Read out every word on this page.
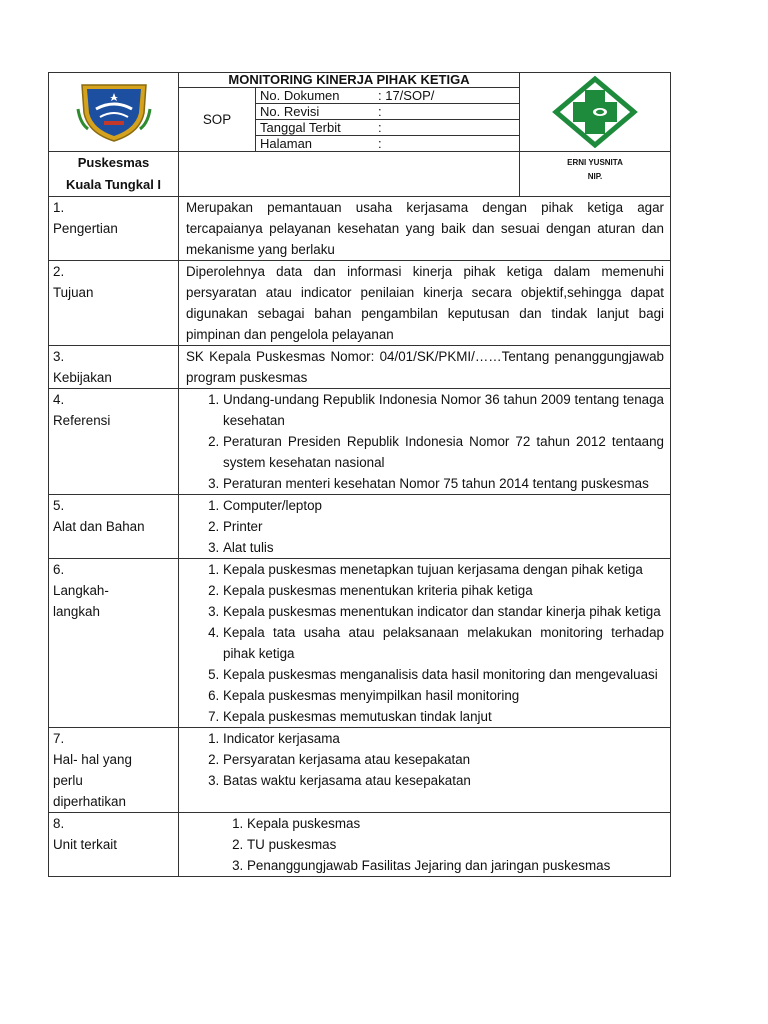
MONITORING KINERJA PIHAK KETIGA
SOP	No. Dokumen	: 17/SOP/
No. Revisi	:
Tanggal Terbit	:
Halaman	:

Puskesmas
Kuala Tungkal I

ERNI YUSNITA
NIP.

1.Pengertian	Merupakan pemantauan usaha kerjasama dengan pihak ketiga agar tercapaianya pelayanan kesehatan yang baik dan sesuai dengan aturan dan mekanisme yang berlaku
2.Tujuan	Diperolehnya data dan informasi kinerja pihak ketiga dalam memenuhi persyaratan atau indicator penilaian kinerja secara objektif,sehingga dapat digunakan sebagai bahan pengambilan keputusan dan tindak lanjut bagi pimpinan dan pengelola pelayanan
3.Kebijakan	SK Kepala Puskesmas Nomor: 04/01/SK/PKMI/……Tentang penanggungjawab program puskesmas
4.Referensi	
1. Undang-undang Republik Indonesia Nomor 36 tahun 2009 tentang tenaga kesehatan
2. Peraturan Presiden Republik Indonesia Nomor 72 tahun 2012 tentaang system kesehatan nasional
3. Peraturan menteri kesehatan Nomor 75 tahun 2014 tentang puskesmas

5.Alat dan Bahan	
1. Computer/leptop
2. Printer
3. Alat tulis

6.Langkah-langkah	
1. Kepala puskesmas menetapkan tujuan kerjasama dengan pihak ketiga
2. Kepala puskesmas menentukan kriteria pihak ketiga
3. Kepala puskesmas menentukan indicator dan standar kinerja pihak ketiga
4. Kepala tata usaha atau pelaksanaan melakukan monitoring terhadap pihak ketiga
5. Kepala puskesmas menganalisis data hasil monitoring dan mengevaluasi
6. Kepala puskesmas menyimpilkan hasil monitoring
7. Kepala puskesmas memutuskan tindak lanjut

7.Hal- hal yang perlu diperhatikan	
1. Indicator kerjasama
2. Persyaratan kerjasama atau kesepakatan
3. Batas waktu kerjasama atau kesepakatan

8.Unit terkait	
1. Kepala puskesmas
2. TU puskesmas
3. Penanggungjawab Fasilitas Jejaring dan jaringan puskesmas
